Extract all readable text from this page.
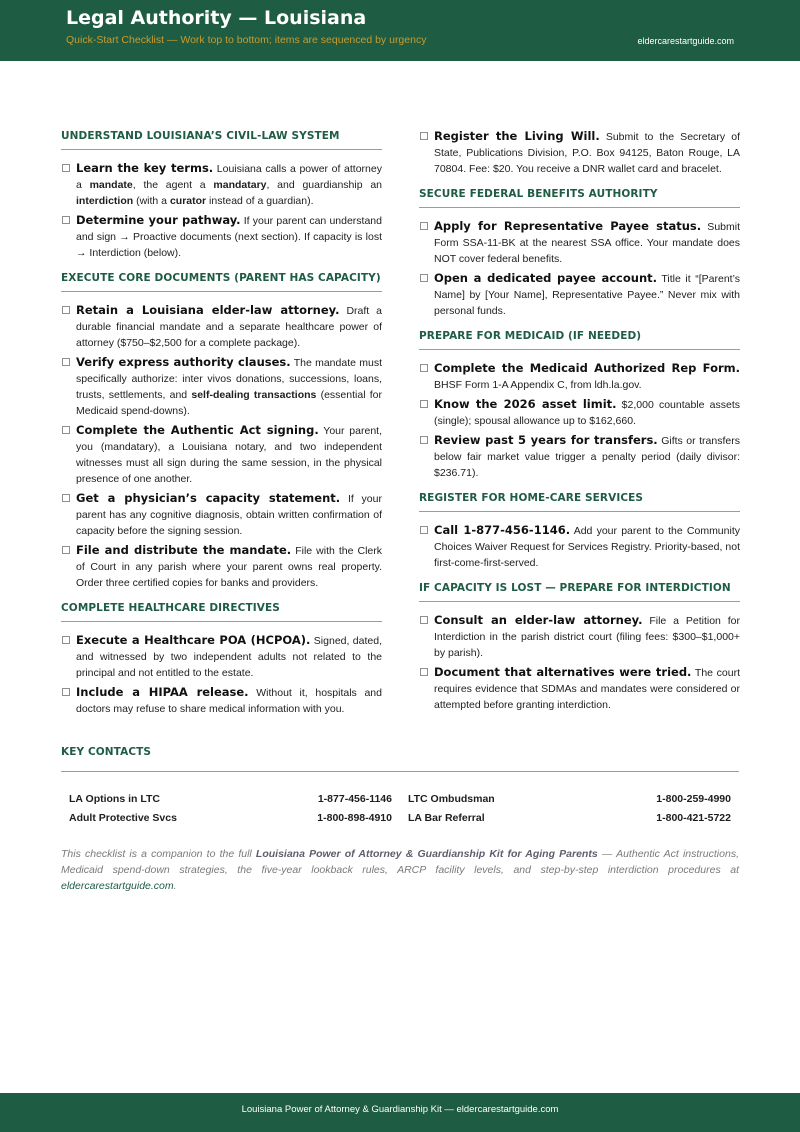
Legal Authority — Louisiana
Quick-Start Checklist — Work top to bottom; items are sequenced by urgency	eldercarestartguide.com
UNDERSTAND LOUISIANA’S CIVIL-LAW SYSTEM
Learn the key terms. Louisiana calls a power of attorney a mandate, the agent a mandatary, and guardianship an interdiction (with a curator instead of a guardian).
Determine your pathway. If your parent can understand and sign → Proactive documents (next section). If capacity is lost → Interdiction (below).
EXECUTE CORE DOCUMENTS (PARENT HAS CAPACITY)
Retain a Louisiana elder-law attorney. Draft a durable financial mandate and a separate healthcare power of attorney ($750–$2,500 for a complete package).
Verify express authority clauses. The mandate must specifically authorize: inter vivos donations, successions, loans, trusts, settlements, and self-dealing transactions (essential for Medicaid spend-downs).
Complete the Authentic Act signing. Your parent, you (mandatary), a Louisiana notary, and two independent witnesses must all sign during the same session, in the physical presence of one another.
Get a physician’s capacity statement. If your parent has any cognitive diagnosis, obtain written confirmation of capacity before the signing session.
File and distribute the mandate. File with the Clerk of Court in any parish where your parent owns real property. Order three certified copies for banks and providers.
COMPLETE HEALTHCARE DIRECTIVES
Execute a Healthcare POA (HCPOA). Signed, dated, and witnessed by two independent adults not related to the principal and not entitled to the estate.
Include a HIPAA release. Without it, hospitals and doctors may refuse to share medical information with you.
Register the Living Will. Submit to the Secretary of State, Publications Division, P.O. Box 94125, Baton Rouge, LA 70804. Fee: $20. You receive a DNR wallet card and bracelet.
SECURE FEDERAL BENEFITS AUTHORITY
Apply for Representative Payee status. Submit Form SSA-11-BK at the nearest SSA office. Your mandate does NOT cover federal benefits.
Open a dedicated payee account. Title it “[Parent’s Name] by [Your Name], Representative Payee.” Never mix with personal funds.
PREPARE FOR MEDICAID (IF NEEDED)
Complete the Medicaid Authorized Rep Form. BHSF Form 1-A Appendix C, from ldh.la.gov.
Know the 2026 asset limit. $2,000 countable assets (single); spousal allowance up to $162,660.
Review past 5 years for transfers. Gifts or transfers below fair market value trigger a penalty period (daily divisor: $236.71).
REGISTER FOR HOME-CARE SERVICES
Call 1-877-456-1146. Add your parent to the Community Choices Waiver Request for Services Registry. Priority-based, not first-come-first-served.
IF CAPACITY IS LOST — PREPARE FOR INTERDICTION
Consult an elder-law attorney. File a Petition for Interdiction in the parish district court (filing fees: $300–$1,000+ by parish).
Document that alternatives were tried. The court requires evidence that SDMAs and mandates were considered or attempted before granting interdiction.
KEY CONTACTS
LA Options in LTC	1-877-456-1146 LTC Ombudsman	1-800-259-4990
Adult Protective Svcs	1-800-898-4910 LA Bar Referral	1-800-421-5722
This checklist is a companion to the full Louisiana Power of Attorney & Guardianship Kit for Aging Parents — Authentic Act instructions, Medicaid spend-down strategies, the five-year lookback rules, ARCP facility levels, and step-by-step interdiction procedures at eldercarestartguide.com.
Louisiana Power of Attorney & Guardianship Kit — eldercarestartguide.com
